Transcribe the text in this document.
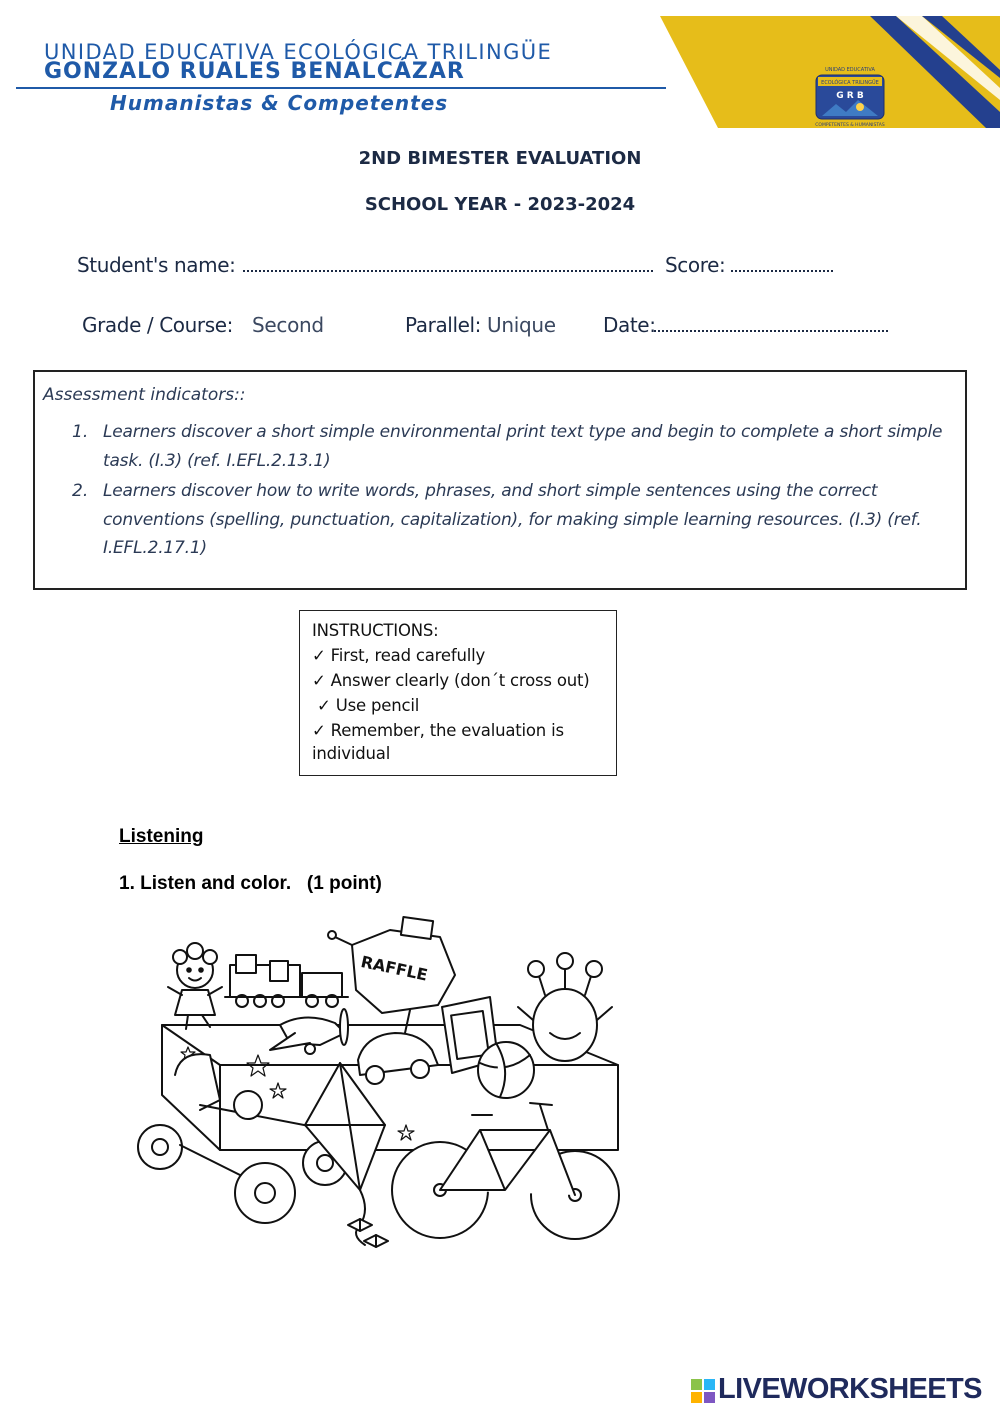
UNIDAD EDUCATIVA ECOLÓGICA TRILINGÜE
GONZALO RUALES BENALCÁZAR
Humanistas & Competentes
UNIDAD EDUCATIVA
ECOLÓGICA TRILINGÜE
G R B
COMPETENTES & HUMANISTAS
2ND BIMESTER EVALUATION
SCHOOL YEAR - 2023-2024
Student's name:	Score:
Grade / Course: Second	Parallel: Unique Date:
Assessment indicators::
1. Learners discover a short simple environmental print text type and begin to complete a short simple
task. (I.3) (ref. I.EFL.2.13.1)
2. Learners discover how to write words, phrases, and short simple sentences using the correct
conventions (spelling, punctuation, capitalization), for making simple learning resources. (I.3) (ref.
I.EFL.2.17.1)
INSTRUCTIONS:
✓ First, read carefully
✓ Answer clearly (don´t cross out)
✓ Use pencil
✓ Remember, the evaluation is
individual
Listening
1. Listen and color.   (1 point)
RAFFLE
LIVEWORKSHEETS
